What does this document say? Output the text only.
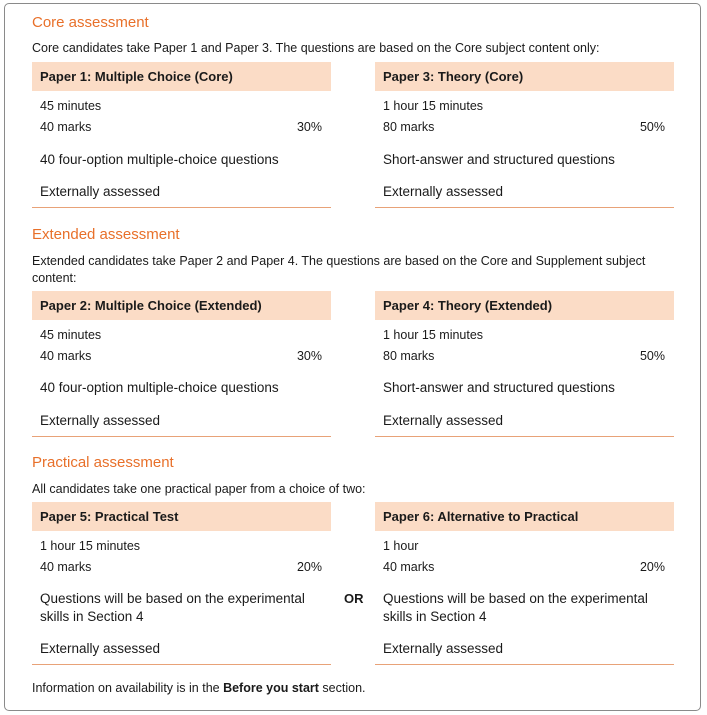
Core assessment
Core candidates take Paper 1 and Paper 3. The questions are based on the Core subject content only:
Paper 1: Multiple Choice (Core)
45 minutes
40 marks	30%
40 four-option multiple-choice questions
Externally assessed
Paper 3: Theory (Core)
1 hour 15 minutes
80 marks	50%
Short-answer and structured questions
Externally assessed
Extended assessment
Extended candidates take Paper 2 and Paper 4. The questions are based on the Core and Supplement subject content:
Paper 2: Multiple Choice (Extended)
45 minutes
40 marks	30%
40 four-option multiple-choice questions
Externally assessed
Paper 4: Theory (Extended)
1 hour 15 minutes
80 marks	50%
Short-answer and structured questions
Externally assessed
Practical assessment
All candidates take one practical paper from a choice of two:
Paper 5: Practical Test
1 hour 15 minutes
40 marks	20%
Questions will be based on the experimental skills in Section 4
Externally assessed
OR
Paper 6: Alternative to Practical
1 hour
40 marks	20%
Questions will be based on the experimental skills in Section 4
Externally assessed
Information on availability is in the Before you start section.
